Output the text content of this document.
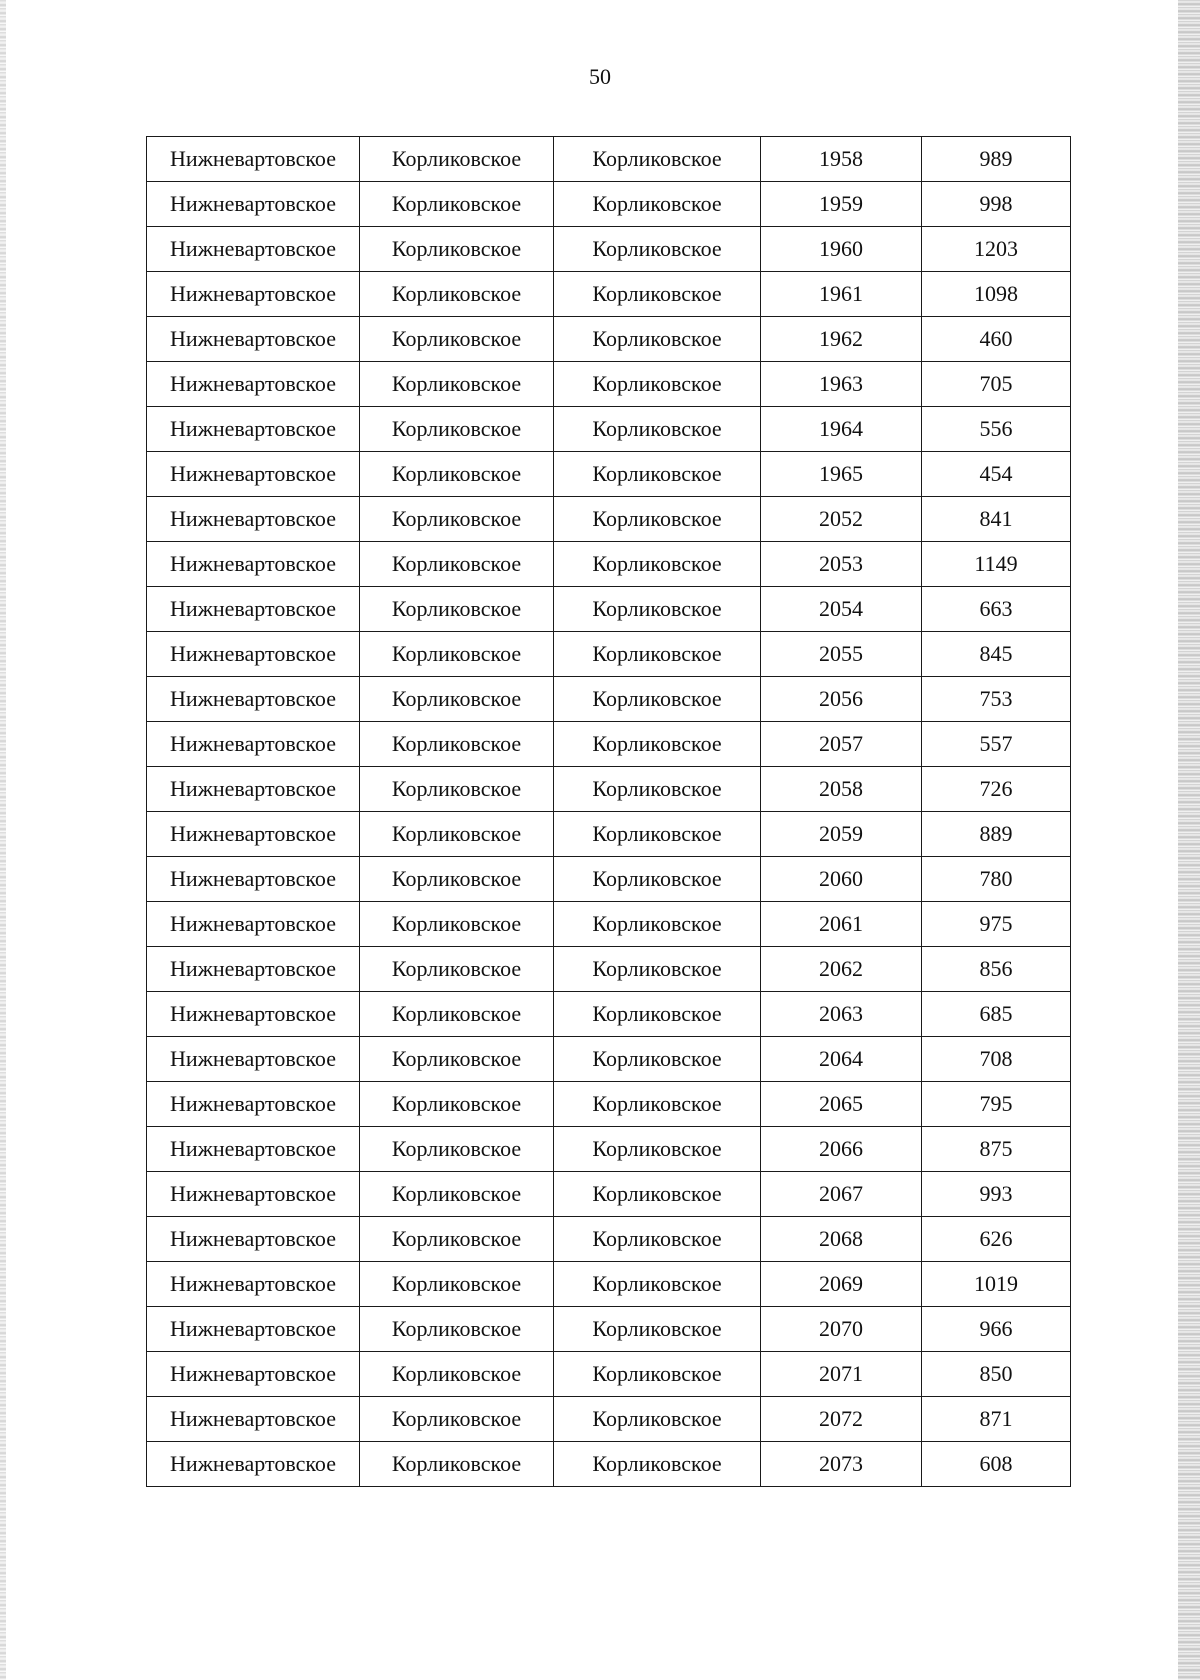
50
Нижневартовское	Корликовское	Корликовское	1958	989
Нижневартовское	Корликовское	Корликовское	1959	998
Нижневартовское	Корликовское	Корликовское	1960	1203
Нижневартовское	Корликовское	Корликовское	1961	1098
Нижневартовское	Корликовское	Корликовское	1962	460
Нижневартовское	Корликовское	Корликовское	1963	705
Нижневартовское	Корликовское	Корликовское	1964	556
Нижневартовское	Корликовское	Корликовское	1965	454
Нижневартовское	Корликовское	Корликовское	2052	841
Нижневартовское	Корликовское	Корликовское	2053	1149
Нижневартовское	Корликовское	Корликовское	2054	663
Нижневартовское	Корликовское	Корликовское	2055	845
Нижневартовское	Корликовское	Корликовское	2056	753
Нижневартовское	Корликовское	Корликовское	2057	557
Нижневартовское	Корликовское	Корликовское	2058	726
Нижневартовское	Корликовское	Корликовское	2059	889
Нижневартовское	Корликовское	Корликовское	2060	780
Нижневартовское	Корликовское	Корликовское	2061	975
Нижневартовское	Корликовское	Корликовское	2062	856
Нижневартовское	Корликовское	Корликовское	2063	685
Нижневартовское	Корликовское	Корликовское	2064	708
Нижневартовское	Корликовское	Корликовское	2065	795
Нижневартовское	Корликовское	Корликовское	2066	875
Нижневартовское	Корликовское	Корликовское	2067	993
Нижневартовское	Корликовское	Корликовское	2068	626
Нижневартовское	Корликовское	Корликовское	2069	1019
Нижневартовское	Корликовское	Корликовское	2070	966
Нижневартовское	Корликовское	Корликовское	2071	850
Нижневартовское	Корликовское	Корликовское	2072	871
Нижневартовское	Корликовское	Корликовское	2073	608
